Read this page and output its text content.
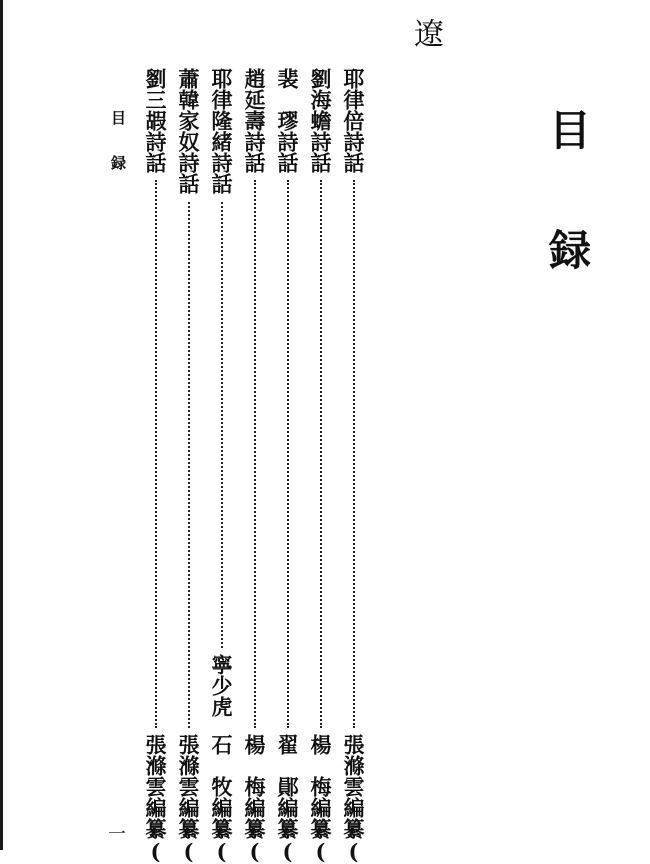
遼
目録
目録	耶律倍詩話
張滌雲編纂(
劉海蟾詩話
楊　梅編纂(
裴　璆詩話
翟　鄖編纂(
趙延壽詩話
楊　梅編纂(
耶律隆緒詩話
寧少虎
石　牧編纂(
蕭韓家奴詩話
張滌雲編纂(
劉三嘏詩話
張滌雲編纂(
一
